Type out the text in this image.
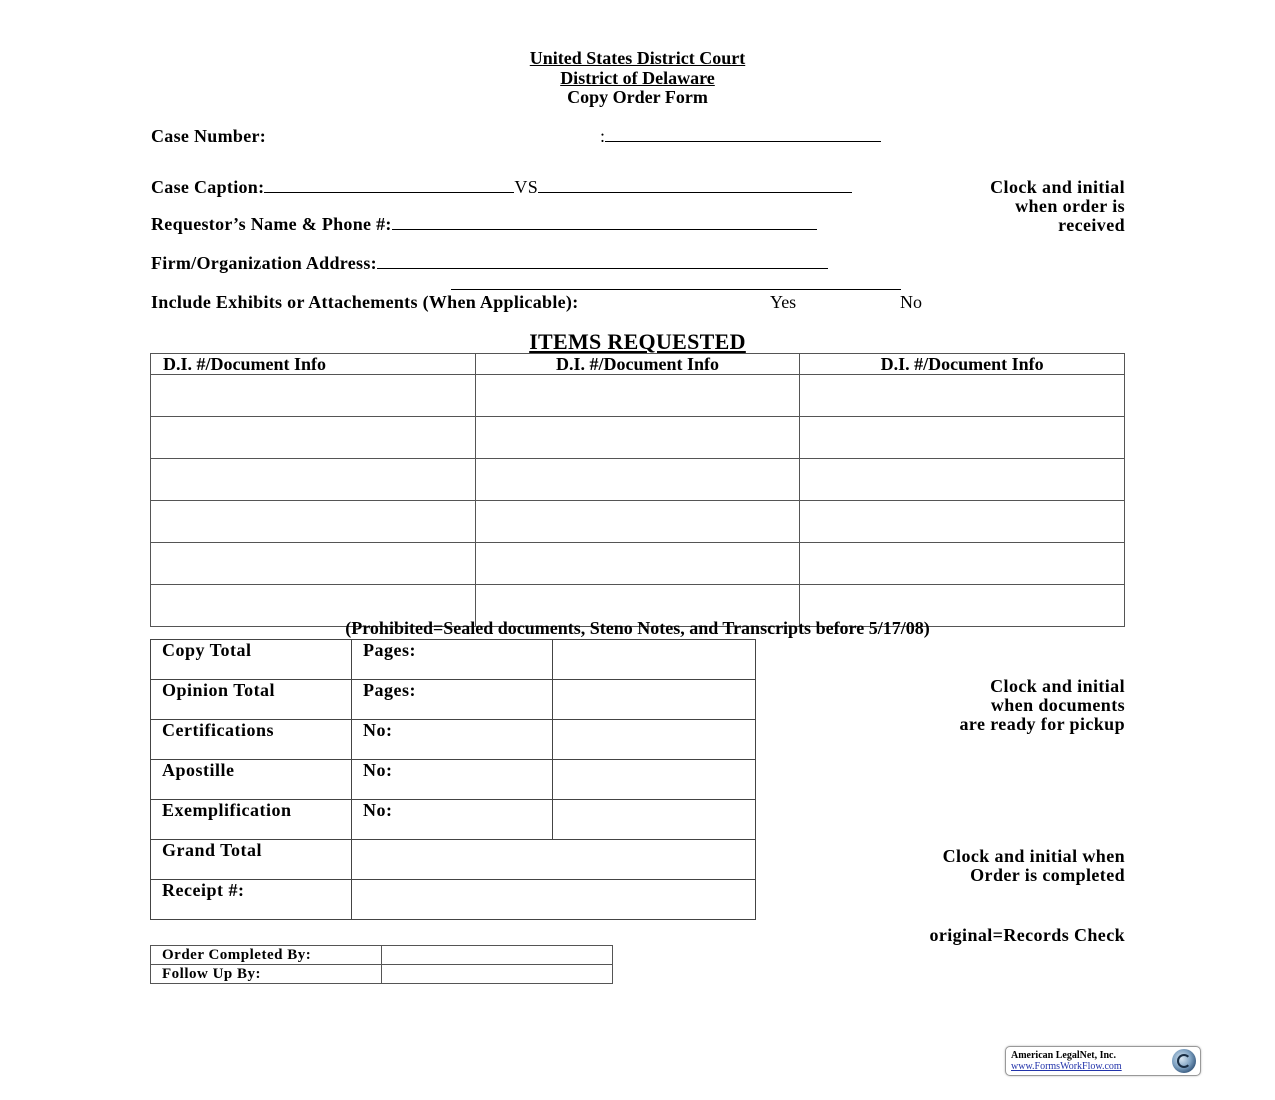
United States District Court
District of Delaware
Copy Order Form
Case Number:	:
Case Caption:	VS
Requestor’s Name & Phone #:
Firm/Organization Address:
Include Exhibits or Attachements (When Applicable):	Yes	No
Clock and initial
when order is
received
ITEMS REQUESTED
D.I. #/Document Info	D.I. #/Document Info	D.I. #/Document Info

(Prohibited=Sealed documents, Steno Notes, and Transcripts before 5/17/08)
Copy Total	Pages:	
Opinion Total	Pages:	
Certifications	No:	
Apostille	No:	
Exemplification	No:	
Grand Total		
Receipt #:		
Clock and initial
when documents
are ready for pickup
Clock and initial when
Order is completed
original=Records Check
Order Completed By:	
Follow Up By:	
American LegalNet, Inc.
www.FormsWorkFlow.com
